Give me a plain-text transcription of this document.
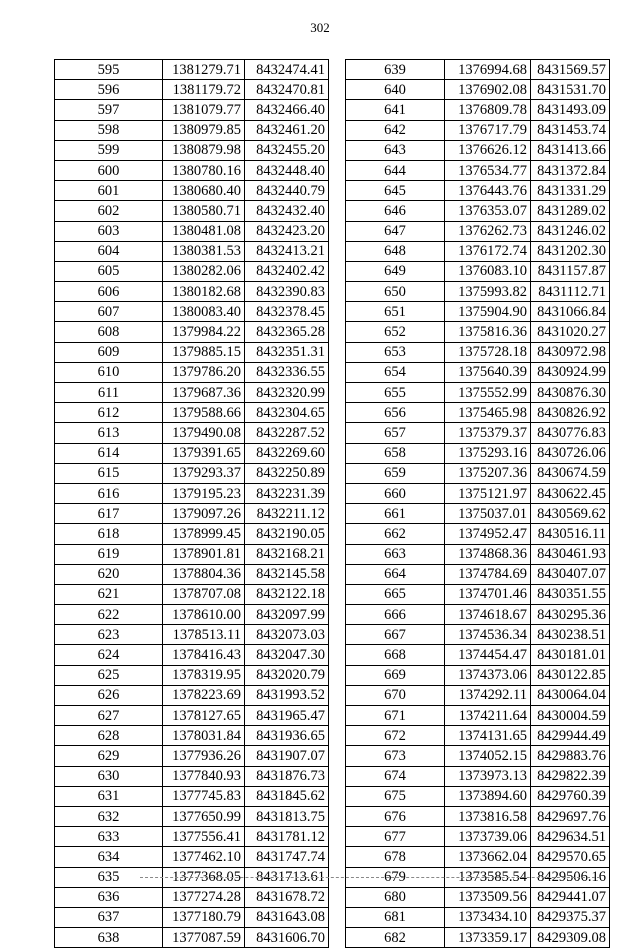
302
595	1381279.71	8432474.41
596	1381179.72	8432470.81
597	1381079.77	8432466.40
598	1380979.85	8432461.20
599	1380879.98	8432455.20
600	1380780.16	8432448.40
601	1380680.40	8432440.79
602	1380580.71	8432432.40
603	1380481.08	8432423.20
604	1380381.53	8432413.21
605	1380282.06	8432402.42
606	1380182.68	8432390.83
607	1380083.40	8432378.45
608	1379984.22	8432365.28
609	1379885.15	8432351.31
610	1379786.20	8432336.55
611	1379687.36	8432320.99
612	1379588.66	8432304.65
613	1379490.08	8432287.52
614	1379391.65	8432269.60
615	1379293.37	8432250.89
616	1379195.23	8432231.39
617	1379097.26	8432211.12
618	1378999.45	8432190.05
619	1378901.81	8432168.21
620	1378804.36	8432145.58
621	1378707.08	8432122.18
622	1378610.00	8432097.99
623	1378513.11	8432073.03
624	1378416.43	8432047.30
625	1378319.95	8432020.79
626	1378223.69	8431993.52
627	1378127.65	8431965.47
628	1378031.84	8431936.65
629	1377936.26	8431907.07
630	1377840.93	8431876.73
631	1377745.83	8431845.62
632	1377650.99	8431813.75
633	1377556.41	8431781.12
634	1377462.10	8431747.74
635	1377368.05	8431713.61
636	1377274.28	8431678.72
637	1377180.79	8431643.08
638	1377087.59	8431606.70
639	1376994.68	8431569.57
640	1376902.08	8431531.70
641	1376809.78	8431493.09
642	1376717.79	8431453.74
643	1376626.12	8431413.66
644	1376534.77	8431372.84
645	1376443.76	8431331.29
646	1376353.07	8431289.02
647	1376262.73	8431246.02
648	1376172.74	8431202.30
649	1376083.10	8431157.87
650	1375993.82	8431112.71
651	1375904.90	8431066.84
652	1375816.36	8431020.27
653	1375728.18	8430972.98
654	1375640.39	8430924.99
655	1375552.99	8430876.30
656	1375465.98	8430826.92
657	1375379.37	8430776.83
658	1375293.16	8430726.06
659	1375207.36	8430674.59
660	1375121.97	8430622.45
661	1375037.01	8430569.62
662	1374952.47	8430516.11
663	1374868.36	8430461.93
664	1374784.69	8430407.07
665	1374701.46	8430351.55
666	1374618.67	8430295.36
667	1374536.34	8430238.51
668	1374454.47	8430181.01
669	1374373.06	8430122.85
670	1374292.11	8430064.04
671	1374211.64	8430004.59
672	1374131.65	8429944.49
673	1374052.15	8429883.76
674	1373973.13	8429822.39
675	1373894.60	8429760.39
676	1373816.58	8429697.76
677	1373739.06	8429634.51
678	1373662.04	8429570.65
679	1373585.54	8429506.16
680	1373509.56	8429441.07
681	1373434.10	8429375.37
682	1373359.17	8429309.08
